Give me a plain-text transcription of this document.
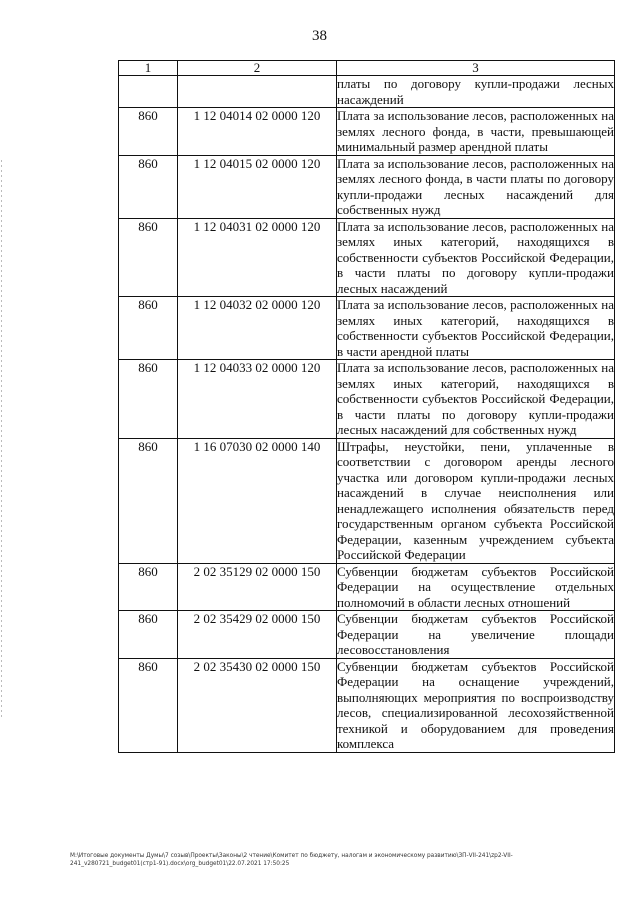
38
1	2	3
		платы по договору купли-продажи лесных насаждений
860	1 12 04014 02 0000 120	Плата за использование лесов, расположенных на землях лесного фонда, в части, превышающей минимальный размер арендной платы
860	1 12 04015 02 0000 120	Плата за использование лесов, расположенных на землях лесного фонда, в части платы по договору купли-продажи лесных насаждений для собственных нужд
860	1 12 04031 02 0000 120	Плата за использование лесов, расположенных на землях иных категорий, находящихся в собственности субъектов Российской Федерации, в части платы по договору купли-продажи лесных насаждений
860	1 12 04032 02 0000 120	Плата за использование лесов, расположенных на землях иных категорий, находящихся в собственности субъектов Российской Федерации, в части арендной платы
860	1 12 04033 02 0000 120	Плата за использование лесов, расположенных на землях иных категорий, находящихся в собственности субъектов Российской Федерации, в части платы по договору купли-продажи лесных насаждений для собственных нужд
860	1 16 07030 02 0000 140	Штрафы, неустойки, пени, уплаченные в соответствии с договором аренды лесного участка или договором купли-продажи лесных насаждений в случае неисполнения или ненадлежащего исполнения обязательств перед государственным органом субъекта Российской Федерации, казенным учреждением субъекта Российской Федерации
860	2 02 35129 02 0000 150	Субвенции бюджетам субъектов Российской Федерации на осуществление отдельных полномочий в области лесных отношений
860	2 02 35429 02 0000 150	Субвенции бюджетам субъектов Российской Федерации на увеличение площади лесовосстановления
860	2 02 35430 02 0000 150	Субвенции бюджетам субъектов Российской Федерации на оснащение учреждений, выполняющих мероприятия по воспроизводству лесов, специализированной лесохозяйственной техникой и оборудованием для проведения комплекса
M:\Итоговые документы Думы\7 созыв\Проекты\Законы\2 чтение\Комитет по бюджету, налогам и экономическому развитию\ЗП-VII-241\zp2-VII-
241_v280721_budget01(стр1-91).docx\org_budget01\22.07.2021 17:50:25
